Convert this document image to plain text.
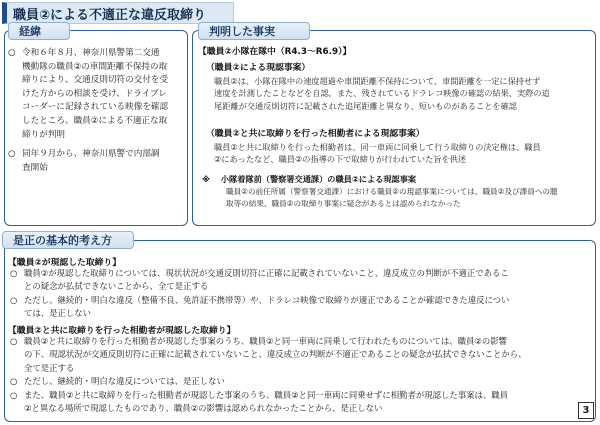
職員②による不適正な違反取締り
経緯
○ 令和６年８月、神奈川県警第二交通
機動隊の職員②の車間距離不保持の取
締りにより、交通反則切符の交付を受
けた方からの相談を受け、ドライブレ
コーダーに記録されている映像を確認
したところ、職員②による不適正な取
締りが判明
○ 同年９月から、神奈川県警で内部調
査開始
判明した事実
【職員②小隊在隊中（R4.3～R6.9）】
（職員②による現認事案）
職員②は、小隊在隊中の速度超過や車間距離不保持について、車間距離を一定に保持せず
速度を計測したことなどを自認。また、残されているドラレコ映像の確認の結果、実際の追
尾距離が交通反則切符に記載された追尾距離と異なり、短いものがあることを確認
（職員②と共に取締りを行った相勤者による現認事案）
職員②と共に取締りを行った相勤者は、同一車両に同乗して行う取締りの決定権は、職員
②にあったなど、職員②の指導の下で取締りが行われていた旨を供述
※ 小隊着隊前（警察署交通課）の職員②による現認事案
職員②の前任所属（警察署交通課）における職員②の現認事案については、職員②及び課員への聴
取等の結果、職員②の取締り事案に疑念があるとは認められなかった
是正の基本的考え方
【職員②が現認した取締り】
○ 職員②が現認した取締りについては、現状状況が交通反則切符に正確に記載されていないこと、違反成立の判断が不適正であるこ
との疑念が払拭できないことから、全て是正する
○ ただし、継続的・明白な違反（整備不良、免許証不携帯等）や、ドラレコ映像で取締りが適正であることが確認できた違反につい
ては、是正しない
【職員②と共に取締りを行った相勤者が現認した取締り】
○ 職員②と共に取締りを行った相勤者が現認した事案のうち、職員②と同一車両に同乗して行われたものについては、職員②の影響
の下、現認状況が交通反則切符に正確に記載されていないこと、違反成立の判断が不適正であることの疑念が払拭できないことから、
全て是正する
○ ただし、継続的・明白な違反については、是正しない
○ また、職員②と共に取締りを行った相勤者が現認した事案のうち、職員②と同一車両に同乗せずに相勤者が現認した事案は、職員
②と異なる場所で現認したものであり、職員②の影響は認められなかったことから、是正しない	3
